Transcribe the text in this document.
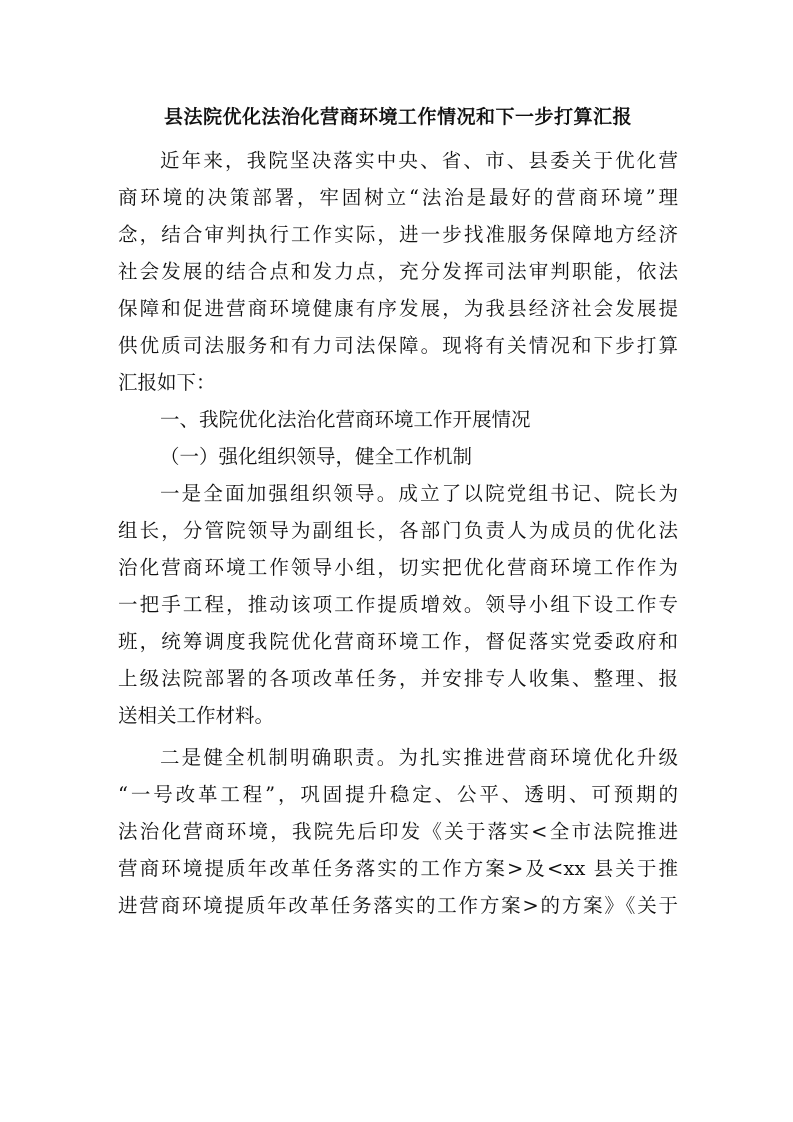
县法院优化法治化营商环境工作情况和下一步打算汇报
近年来，我院坚决落实中央、省、市、县委关于优化营
商环境的决策部署，牢固树立“法治是最好的营商环境”理
念，结合审判执行工作实际，进一步找准服务保障地方经济
社会发展的结合点和发力点，充分发挥司法审判职能，依法
保障和促进营商环境健康有序发展，为我县经济社会发展提
供优质司法服务和有力司法保障。现将有关情况和下步打算
汇报如下：
一、我院优化法治化营商环境工作开展情况
（一）强化组织领导，健全工作机制
一是全面加强组织领导。成立了以院党组书记、院长为
组长，分管院领导为副组长，各部门负责人为成员的优化法
治化营商环境工作领导小组，切实把优化营商环境工作作为
一把手工程，推动该项工作提质增效。领导小组下设工作专
班，统筹调度我院优化营商环境工作，督促落实党委政府和
上级法院部署的各项改革任务，并安排专人收集、整理、报
送相关工作材料。
二是健全机制明确职责。为扎实推进营商环境优化升级
“一号改革工程”，巩固提升稳定、公平、透明、可预期的
法治化营商环境，我院先后印发《关于落实<全市法院推进
营商环境提质年改革任务落实的工作方案>及<xx 县关于推
进营商环境提质年改革任务落实的工作方案>的方案》《关于
